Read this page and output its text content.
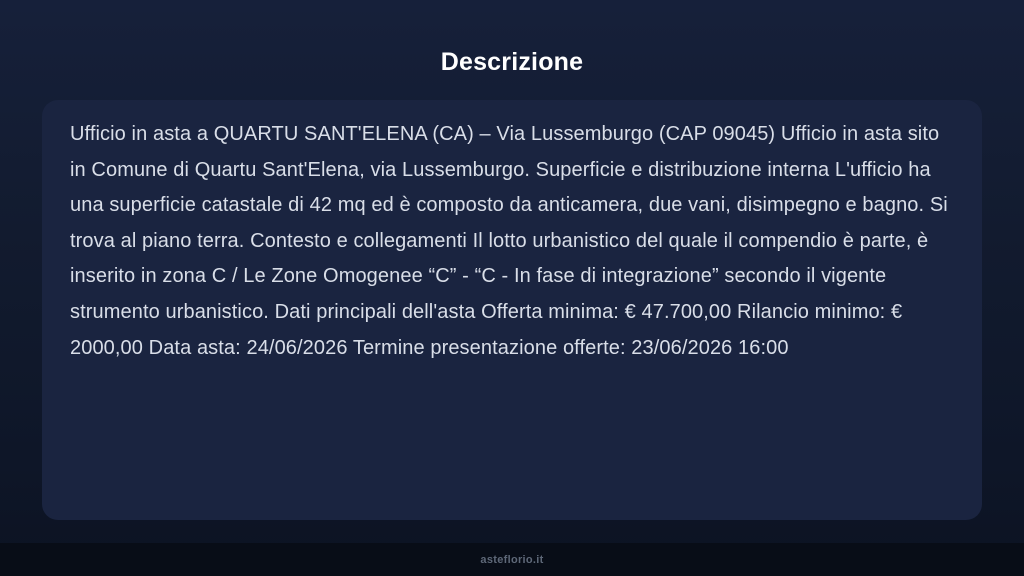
Descrizione

Ufficio in asta a QUARTU SANT'ELENA (CA) – Via Lussemburgo (CAP 09045) Ufficio in asta sito in Comune di Quartu Sant'Elena, via Lussemburgo. Superficie e distribuzione interna L'ufficio ha una superficie catastale di 42 mq ed è composto da anticamera, due vani, disimpegno e bagno. Si trova al piano terra. Contesto e collegamenti Il lotto urbanistico del quale il compendio è parte, è inserito in zona C / Le Zone Omogenee “C” - “C - In fase di integrazione” secondo il vigente strumento urbanistico. Dati principali dell'asta Offerta minima: € 47.700,00 Rilancio minimo: € 2000,00 Data asta: 24/06/2026 Termine presentazione offerte: 23/06/2026 16:00

asteflorio.it
